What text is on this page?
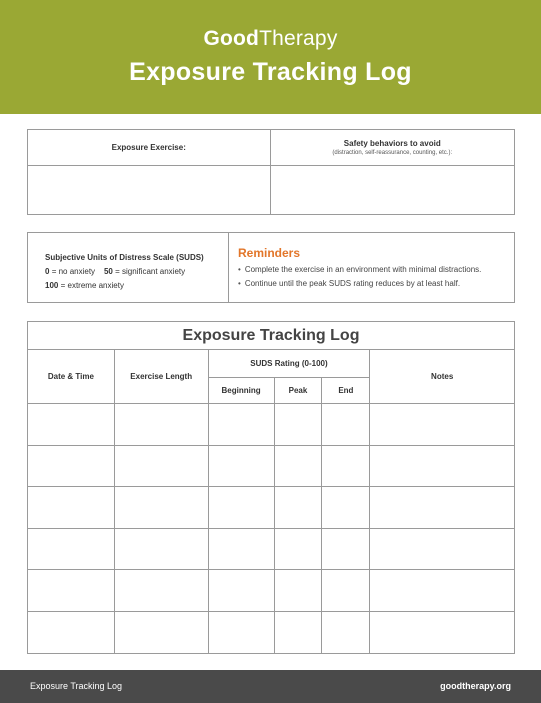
GoodTherapy
Exposure Tracking Log
Exposure Exercise:	Safety behaviors to avoid
(distraction, self-reassurance, counting, etc.):

Subjective Units of Distress Scale (SUDS)
0 = no anxiety 50 = significant anxiety
100 = extreme anxiety
Reminders
• Complete the exercise in an environment with minimal distractions.
• Continue until the peak SUDS rating reduces by at least half.
Exposure Tracking Log					
Date & Time	Exercise Length	SUDS Rating (0-100)			Notes
		Beginning	Peak	End	

Exposure Tracking Log	goodtherapy.org
